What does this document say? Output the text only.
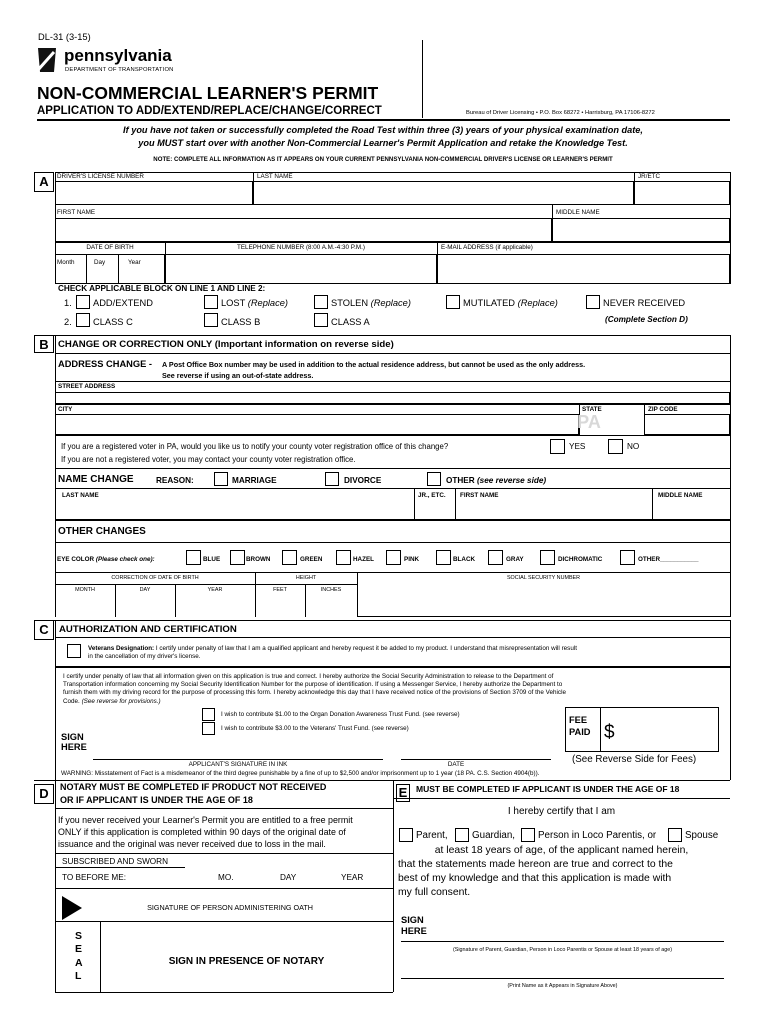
DL-31 (3-15)
pennsylvania
DEPARTMENT OF TRANSPORTATION
NON-COMMERCIAL LEARNER'S PERMIT
APPLICATION TO ADD/EXTEND/REPLACE/CHANGE/CORRECT	Bureau of Driver Licensing • P.O. Box 68272 • Harrisburg, PA 17106-8272
If you have not taken or successfully completed the Road Test within three (3) years of your physical examination date,
you MUST start over with another Non-Commercial Learner's Permit Application and retake the Knowledge Test.
NOTE: COMPLETE ALL INFORMATION AS IT APPEARS ON YOUR CURRENT PENNSYLVANIA NON-COMMERCIAL DRIVER'S LICENSE OR LEARNER'S PERMIT
A	DRIVER'S LICENSE NUMBER	LAST NAME	JR/ETC
FIRST NAME	MIDDLE NAME
DATE OF BIRTH
Month	Day	Year
TELEPHONE NUMBER (8:00 A.M.-4:30 P.M.)	E-MAIL ADDRESS (if applicable)
CHECK APPLICABLE BLOCK ON LINE 1 AND LINE 2:
1. ADD/EXTEND	LOST (Replace)	STOLEN (Replace)	MUTILATED (Replace)	NEVER RECEIVED
(Complete Section D)
2. CLASS C	CLASS B	CLASS A
B CHANGE OR CORRECTION ONLY (Important information on reverse side)
ADDRESS CHANGE - A Post Office Box number may be used in addition to the actual residence address, but cannot be used as the only address.
See reverse if using an out-of-state address.
STREET ADDRESS
CITY	STATE
PA
ZIP CODE
If you are a registered voter in PA, would you like us to notify your county voter registration office of this change?
If you are not a registered voter, you may contact your county voter registration office.
YES	NO
NAME CHANGE	REASON:	MARRIAGE	DIVORCE	OTHER (see reverse side)
LAST NAME	JR., ETC. FIRST NAME	MIDDLE NAME
OTHER CHANGES
EYE COLOR (Please check one):	BLUE	BROWN	GREEN	HAZEL	PINK	BLACK	GRAY	DICHROMATIC	OTHER___________
CORRECTION OF DATE OF BIRTH
MONTH	DAY	YEAR
HEIGHT
FEET	INCHES
SOCIAL SECURITY NUMBER
C	AUTHORIZATION AND CERTIFICATION
Veterans Designation: I certify under penalty of law that I am a qualified applicant and hereby request it be added to my product. I understand that misrepresentation will result
in the cancellation of my driver's license.
I certify under penalty of law that all information given on this application is true and correct. I hereby authorize the Social Security Administration to release to the Department of
Transportation information concerning my Social Security Identification Number for the purpose of identification. If using a Messenger Service, I hereby authorize the Department to
furnish them with my driving record for the purpose of processing this form. I hereby acknowledge this day that I have received notice of the provisions of Section 3709 of the Vehicle
Code. (See reverse for provisions.)
I wish to contribute $1.00 to the Organ Donation Awareness Trust Fund. (see reverse)
I wish to contribute $3.00 to the Veterans' Trust Fund. (see reverse)
FEE
PAID $
SIGN
HERE
APPLICANT'S SIGNATURE IN INK	DATE	(See Reverse Side for Fees)
WARNING: Misstatement of Fact is a misdemeanor of the third degree punishable by a fine of up to $2,500 and/or imprisonment up to 1 year (18 PA. C.S. Section 4904(b)).
D	NOTARY MUST BE COMPLETED IF PRODUCT NOT RECEIVED
OR IF APPLICANT IS UNDER THE AGE OF 18
If you never received your Learner's Permit you are entitled to a free permit
ONLY if this application is completed within 90 days of the original date of
issuance and the original was never received due to loss in the mail.
SUBSCRIBED AND SWORN
TO BEFORE ME:	MO.	DAY	YEAR
SIGNATURE OF PERSON ADMINISTERING OATH
S
E
A
L
SIGN IN PRESENCE OF NOTARY
E	MUST BE COMPLETED IF APPLICANT IS UNDER THE AGE OF 18
I hereby certify that I am
Parent, Guardian, Person in Loco Parentis, or	Spouse
at least 18 years of age, of the applicant named herein,
that the statements made hereon are true and correct to the
best of my knowledge and that this application is made with
my full consent.
SIGN
HERE
(Signature of Parent, Guardian, Person in Loco Parentis or Spouse at least 18 years of age)
(Print Name as it Appears in Signature Above)
